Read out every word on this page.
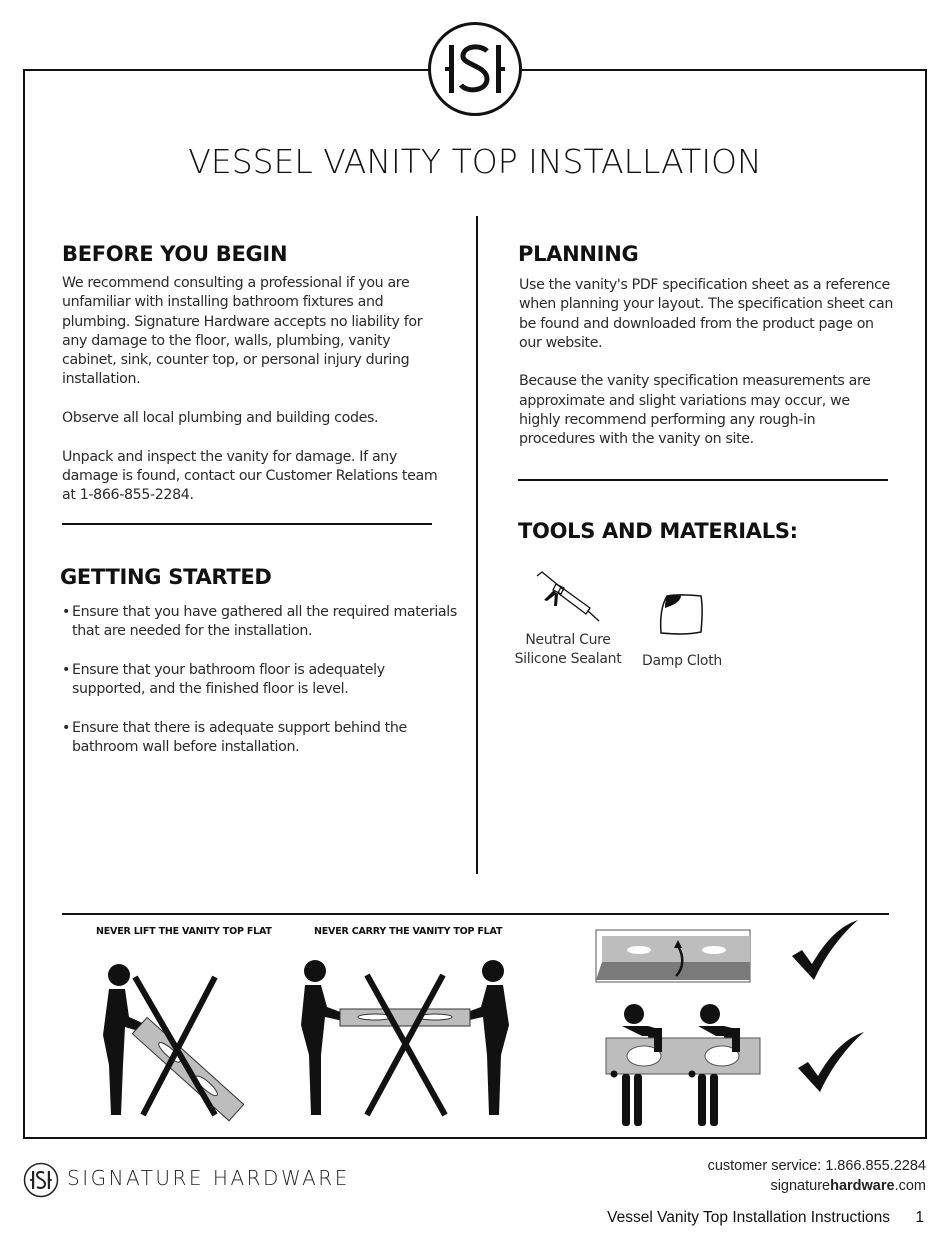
VESSEL VANITY TOP INSTALLATION
BEFORE YOU BEGIN

We recommend consulting a professional if you are unfamiliar with installing bathroom fixtures and plumbing. Signature Hardware accepts no liability for any damage to the floor, walls, plumbing, vanity cabinet, sink, counter top, or personal injury during installation.

Observe all local plumbing and building codes.

Unpack and inspect the vanity for damage. If any damage is found, contact our Customer Relations team at 1-866-855-2284.

GETTING STARTED
• Ensure that you have gathered all the required materials that are needed for the installation.
• Ensure that your bathroom floor is adequately supported, and the finished floor is level.
• Ensure that there is adequate support behind the bathroom wall before installation.
PLANNING

Use the vanity's PDF specification sheet as a reference when planning your layout. The specification sheet can be found and downloaded from the product page on our website.

Because the vanity specification measurements are approximate and slight variations may occur, we highly recommend performing any rough-in procedures with the vanity on site.

TOOLS AND MATERIALS:
Neutral Cure
Silicone Sealant	Damp Cloth
NEVER LIFT THE VANITY TOP FLAT	NEVER CARRY THE VANITY TOP FLAT
SIGNATURE HARDWARE	customer service: 1.866.855.2284
signaturehardware.com
Vessel Vanity Top Installation Instructions 1
